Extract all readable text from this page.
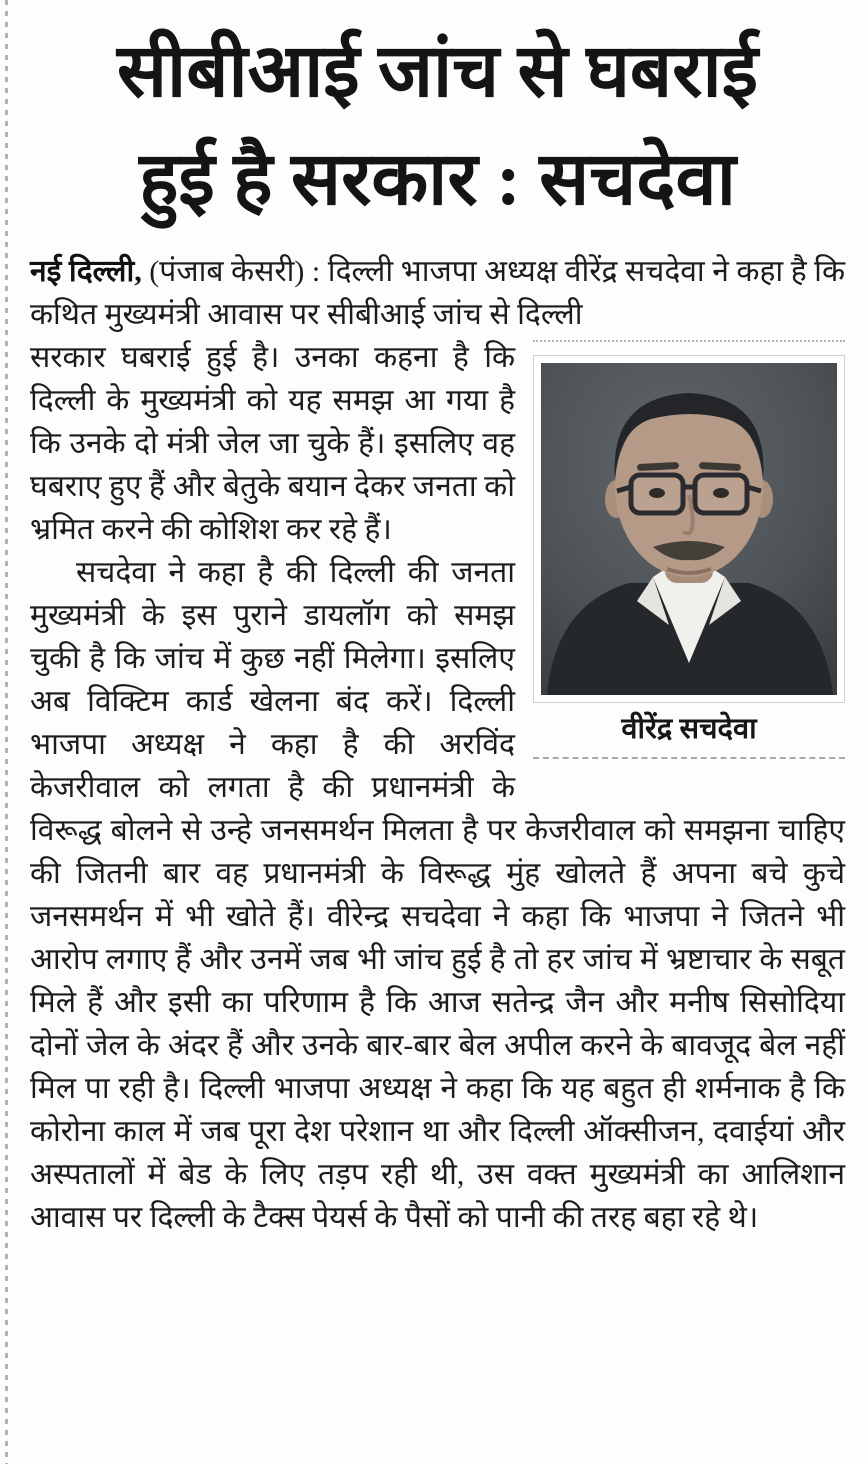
सीबीआई जांच से घबराई
हुई है सरकार : सचदेवा

नई दिल्ली, (पंजाब केसरी) : दिल्ली भाजपा अध्यक्ष वीरेंद्र सचदेवा ने कहा है कि कथित मुख्यमंत्री आवास पर सीबीआई जांच से दिल्ली

वीरेंद्र सचदेवा
सरकार घबराई हुई है। उनका कहना है कि दिल्ली के मुख्यमंत्री को यह समझ आ गया है कि उनके दो मंत्री जेल जा चुके हैं। इसलिए वह घबराए हुए हैं और बेतुके बयान देकर जनता को भ्रमित करने की कोशिश कर रहे हैं।

सचदेवा ने कहा है की दिल्ली की जनता मुख्यमंत्री के इस पुराने डायलॉग को समझ चुकी है कि जांच में कुछ नहीं मिलेगा। इसलिए अब विक्टिम कार्ड खेलना बंद करें। दिल्ली भाजपा अध्यक्ष ने कहा है की अरविंद केजरीवाल को लगता है की प्रधानमंत्री के विरूद्ध बोलने से उन्हे जनसमर्थन मिलता है पर केजरीवाल को समझना चाहिए की जितनी बार वह प्रधानमंत्री के विरूद्ध मुंह खोलते हैं अपना बचे कुचे जनसमर्थन में भी खोते हैं। वीरेन्द्र सचदेवा ने कहा कि भाजपा ने जितने भी आरोप लगाए हैं और उनमें जब भी जांच हुई है तो हर जांच में भ्रष्टाचार के सबूत मिले हैं और इसी का परिणाम है कि आज सतेन्द्र जैन और मनीष सिसोदिया दोनों जेल के अंदर हैं और उनके बार-बार बेल अपील करने के बावजूद बेल नहीं मिल पा रही है। दिल्ली भाजपा अध्यक्ष ने कहा कि यह बहुत ही शर्मनाक है कि कोरोना काल में जब पूरा देश परेशान था और दिल्ली ऑक्सीजन, दवाईयां और अस्पतालों में बेड के लिए तड़प रही थी, उस वक्त मुख्यमंत्री का आलिशान आवास पर दिल्ली के टैक्स पेयर्स के पैसों को पानी की तरह बहा रहे थे।
